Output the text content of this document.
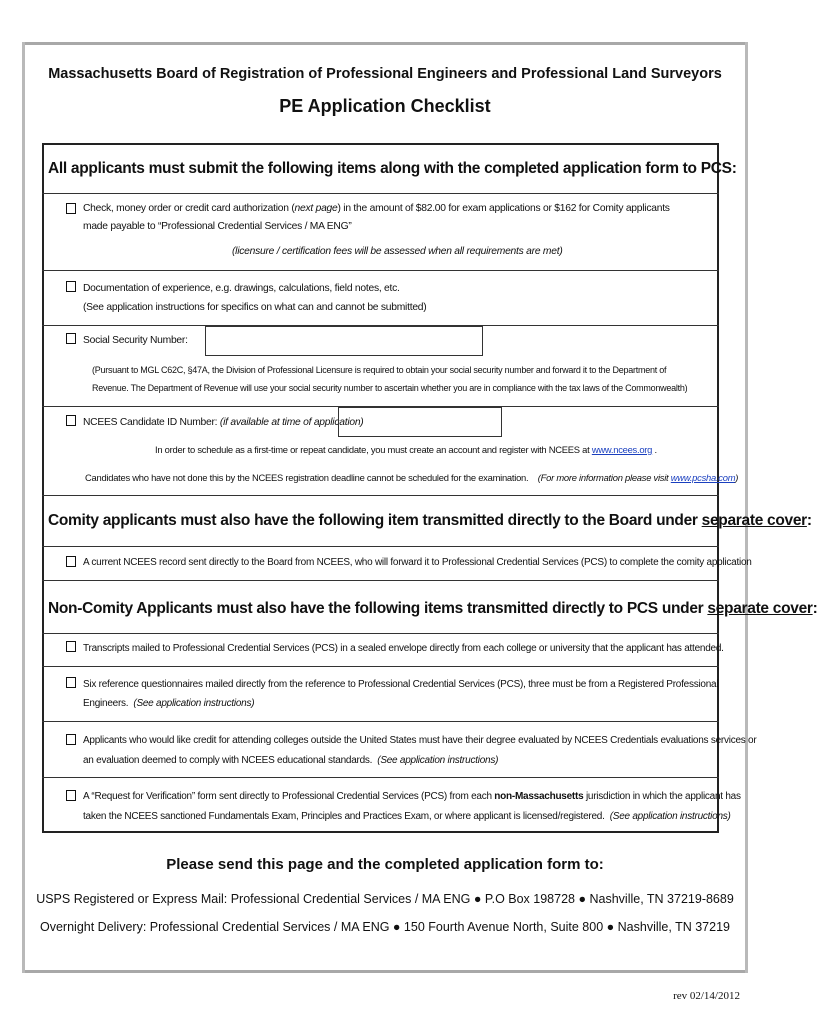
Massachusetts Board of Registration of Professional Engineers and Professional Land Surveyors
PE Application Checklist
All applicants must submit the following items along with the completed application form to PCS:
Check, money order or credit card authorization (next page) in the amount of $82.00 for exam applications or $162 for Comity applicants
made payable to “Professional Credential Services / MA ENG”
(licensure / certification fees will be assessed when all requirements are met)
Documentation of experience, e.g. drawings, calculations, field notes, etc.
(See application instructions for specifics on what can and cannot be submitted)
Social Security Number:
(Pursuant to MGL C62C, §47A, the Division of Professional Licensure is required to obtain your social security number and forward it to the Department of
Revenue. The Department of Revenue will use your social security number to ascertain whether you are in compliance with the tax laws of the Commonwealth)
NCEES Candidate ID Number: (if available at time of application)
In order to schedule as a first-time or repeat candidate, you must create an account and register with NCEES at www.ncees.org .
Candidates who have not done this by the NCEES registration deadline cannot be scheduled for the examination. (For more information please visit www.pcsha.com)
Comity applicants must also have the following item transmitted directly to the Board under separate cover:
A current NCEES record sent directly to the Board from NCEES, who will forward it to Professional Credential Services (PCS) to complete the comity application
Non-Comity Applicants must also have the following items transmitted directly to PCS under separate cover:
Transcripts mailed to Professional Credential Services (PCS) in a sealed envelope directly from each college or university that the applicant has attended.
Six reference questionnaires mailed directly from the reference to Professional Credential Services (PCS), three must be from a Registered Professional
Engineers. (See application instructions)
Applicants who would like credit for attending colleges outside the United States must have their degree evaluated by NCEES Credentials evaluations services or
an evaluation deemed to comply with NCEES educational standards. (See application instructions)
A “Request for Verification” form sent directly to Professional Credential Services (PCS) from each non-Massachusetts jurisdiction in which the applicant has
taken the NCEES sanctioned Fundamentals Exam, Principles and Practices Exam, or where applicant is licensed/registered. (See application instructions)
Please send this page and the completed application form to:
USPS Registered or Express Mail: Professional Credential Services / MA ENG ● P.O Box 198728 ● Nashville, TN 37219-8689
Overnight Delivery: Professional Credential Services / MA ENG ● 150 Fourth Avenue North, Suite 800 ● Nashville, TN 37219
rev 02/14/2012
